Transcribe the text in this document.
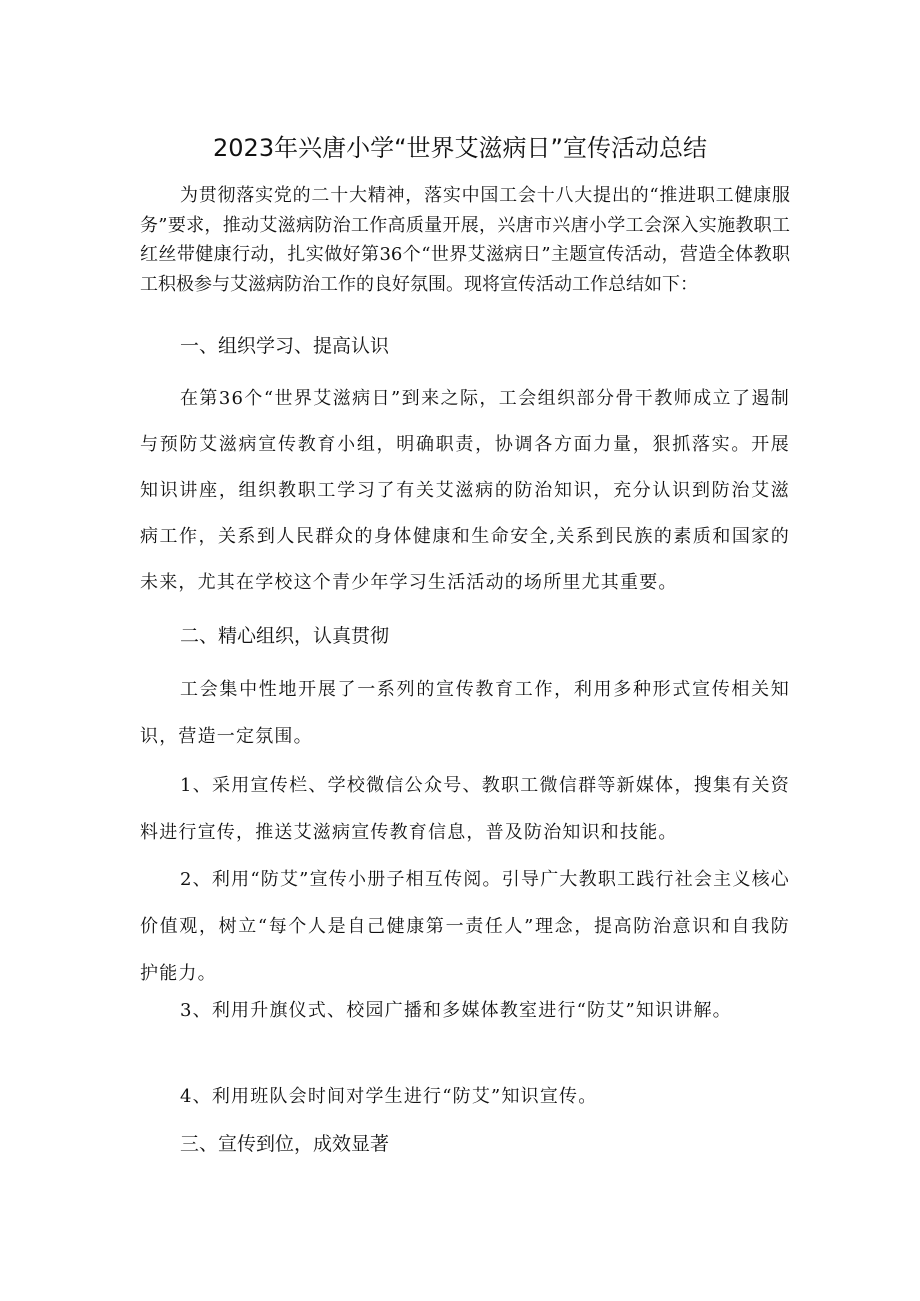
2023年兴唐小学“世界艾滋病日”宣传活动总结

为贯彻落实党的二十大精神，落实中国工会十八大提出的“推进职工健康服务”要求，推动艾滋病防治工作高质量开展，兴唐市兴唐小学工会深入实施教职工红丝带健康行动，扎实做好第36个“世界艾滋病日”主题宣传活动，营造全体教职工积极参与艾滋病防治工作的良好氛围。现将宣传活动工作总结如下：

一、组织学习、提高认识

在第36个“世界艾滋病日”到来之际，工会组织部分骨干教师成立了遏制与预防艾滋病宣传教育小组，明确职责，协调各方面力量，狠抓落实。开展知识讲座，组织教职工学习了有关艾滋病的防治知识，充分认识到防治艾滋病工作，关系到人民群众的身体健康和生命安全,关系到民族的素质和国家的未来，尤其在学校这个青少年学习生活活动的场所里尤其重要。

二、精心组织，认真贯彻

工会集中性地开展了一系列的宣传教育工作，利用多种形式宣传相关知识，营造一定氛围。

1、采用宣传栏、学校微信公众号、教职工微信群等新媒体，搜集有关资料进行宣传，推送艾滋病宣传教育信息，普及防治知识和技能。

2、利用“防艾”宣传小册子相互传阅。引导广大教职工践行社会主义核心价值观，树立“每个人是自己健康第一责任人”理念，提高防治意识和自我防护能力。

3、利用升旗仪式、校园广播和多媒体教室进行“防艾”知识讲解。

4、利用班队会时间对学生进行“防艾”知识宣传。

三、宣传到位，成效显著
